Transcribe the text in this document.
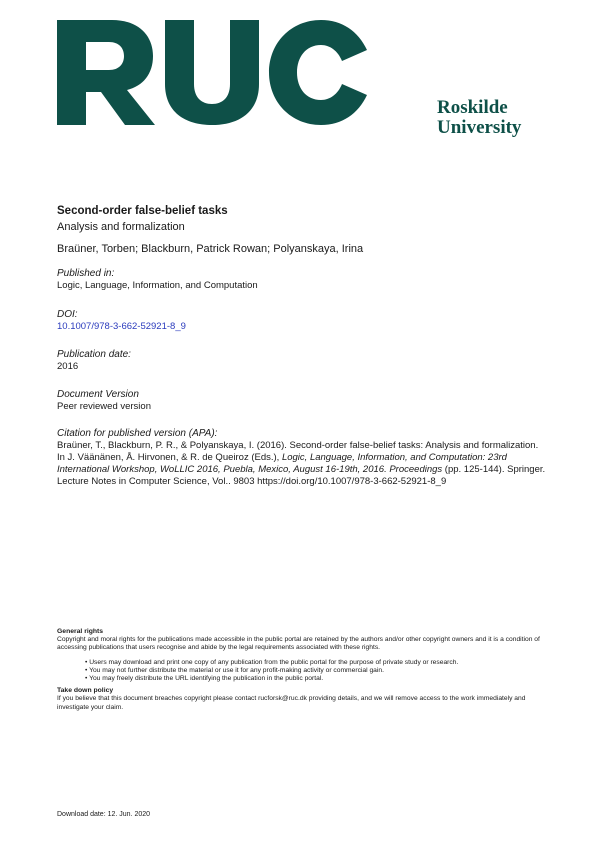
RUC
Roskilde
University

Second-order false-belief tasks

Analysis and formalization

Braüner, Torben; Blackburn, Patrick Rowan; Polyanskaya, Irina

Published in:

Logic, Language, Information, and Computation

DOI:

10.1007/978-3-662-52921-8_9

Publication date:

2016

Document Version

Peer reviewed version

Citation for published version (APA):

Braüner, T., Blackburn, P. R., & Polyanskaya, I. (2016). Second-order false-belief tasks: Analysis and formalization. In J. Väänänen, Å. Hirvonen, & R. de Queiroz (Eds.), Logic, Language, Information, and Computation: 23rd International Workshop, WoLLIC 2016, Puebla, Mexico, August 16-19th, 2016. Proceedings (pp. 125-144). Springer. Lecture Notes in Computer Science, Vol.. 9803 https://doi.org/10.1007/978-3-662-52921-8_9

General rights

Copyright and moral rights for the publications made accessible in the public portal are retained by the authors and/or other copyright owners and it is a condition of accessing publications that users recognise and abide by the legal requirements associated with these rights.

• Users may download and print one copy of any publication from the public portal for the purpose of private study or research.
• You may not further distribute the material or use it for any profit-making activity or commercial gain.
• You may freely distribute the URL identifying the publication in the public portal.
Take down policy

If you believe that this document breaches copyright please contact rucforsk@ruc.dk providing details, and we will remove access to the work immediately and investigate your claim.

Download date: 12. Jun. 2020
